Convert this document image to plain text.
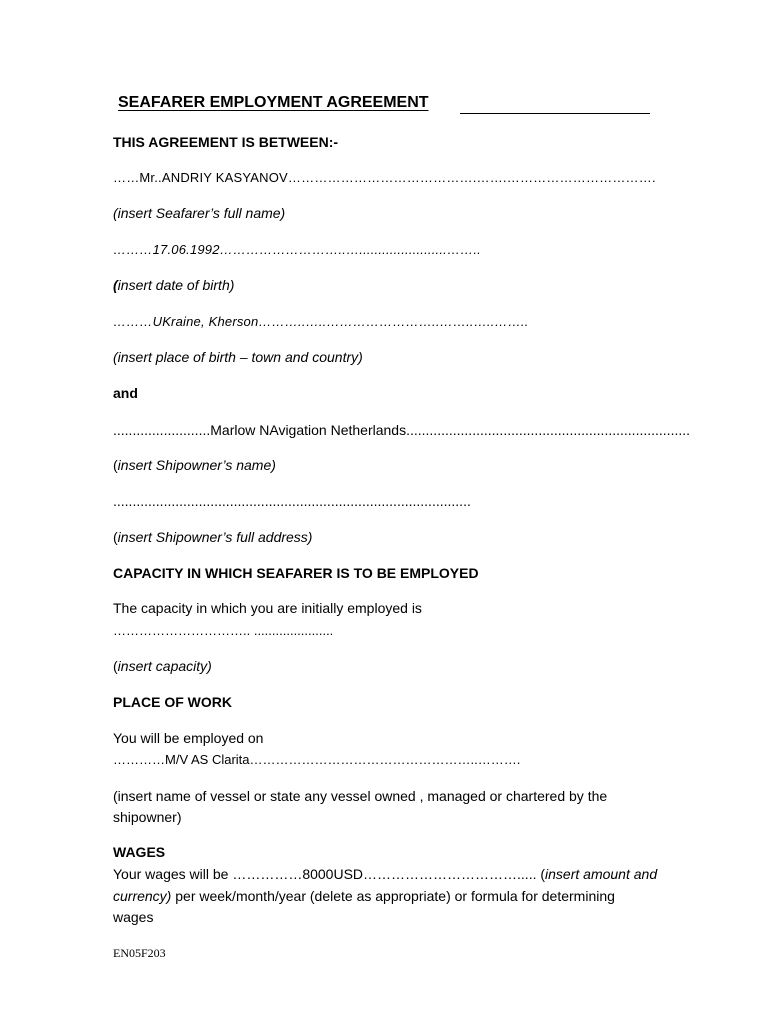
SEAFARER EMPLOYMENT AGREEMENT
THIS AGREEMENT IS BETWEEN:-
……Mr..ANDRIY KASYANOV…………………………………….…….…………………………….
(insert Seafarer’s full name)
………17.06.1992………………………..….......................……..
(insert date of birth)
………UKraine, Kherson………..…..……………………..……..…..……..
(insert place of birth – town and country)
and
.........................Marlow NAvigation Netherlands.........................................................................
(insert Shipowner’s name)
............................................................................................
(insert Shipowner’s full address)
CAPACITY IN WHICH SEAFARER IS TO BE EMPLOYED
The capacity in which you are initially employed is
………………………….. ......................
(insert capacity)
PLACE OF WORK
You will be employed on
…………M/V AS Clarita……………………………………………..……….
(insert name of vessel or state any vessel owned , managed or chartered by the
shipowner)
WAGES
Your wages will be ……………8000USD……………………………..... (insert amount and
currency) per week/month/year (delete as appropriate) or formula for determining
wages
EN05F203
